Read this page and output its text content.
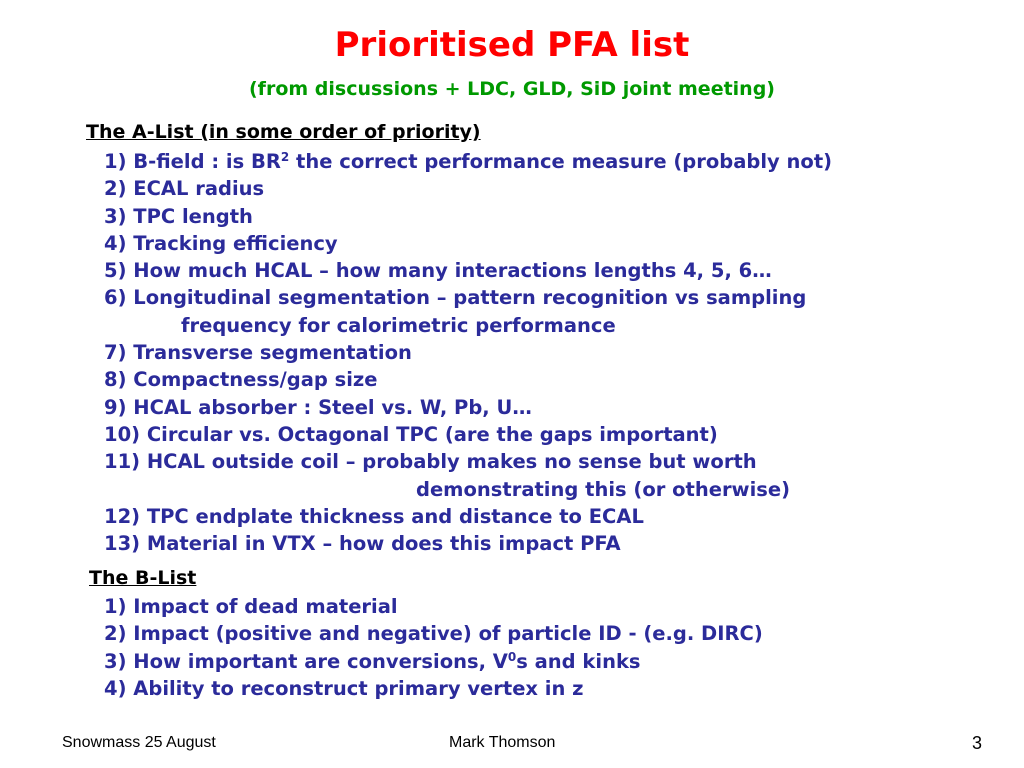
Prioritised PFA list
(from discussions + LDC, GLD, SiD joint meeting)
The A-List (in some order of priority)
1) B-field : is $BR^2$ the correct performance measure (probably not)
2) ECAL radius
3) TPC length
4) Tracking efficiency
5) How much HCAL – how many interactions lengths 4, 5, 6…
6) Longitudinal segmentation – pattern recognition vs sampling
frequency for calorimetric performance
7) Transverse segmentation
8) Compactness/gap size
9) HCAL absorber : Steel vs. W, Pb, U…
10) Circular vs. Octagonal TPC (are the gaps important)
11) HCAL outside coil – probably makes no sense but worth
demonstrating this (or otherwise)
12) TPC endplate thickness and distance to ECAL
13) Material in VTX – how does this impact PFA
The B-List
1) Impact of dead material
2) Impact (positive and negative) of particle ID - (e.g. DIRC)
3) How important are conversions, $V^0s$ and kinks
4) Ability to reconstruct primary vertex in z
Snowmass 25 August	Mark Thomson	3
